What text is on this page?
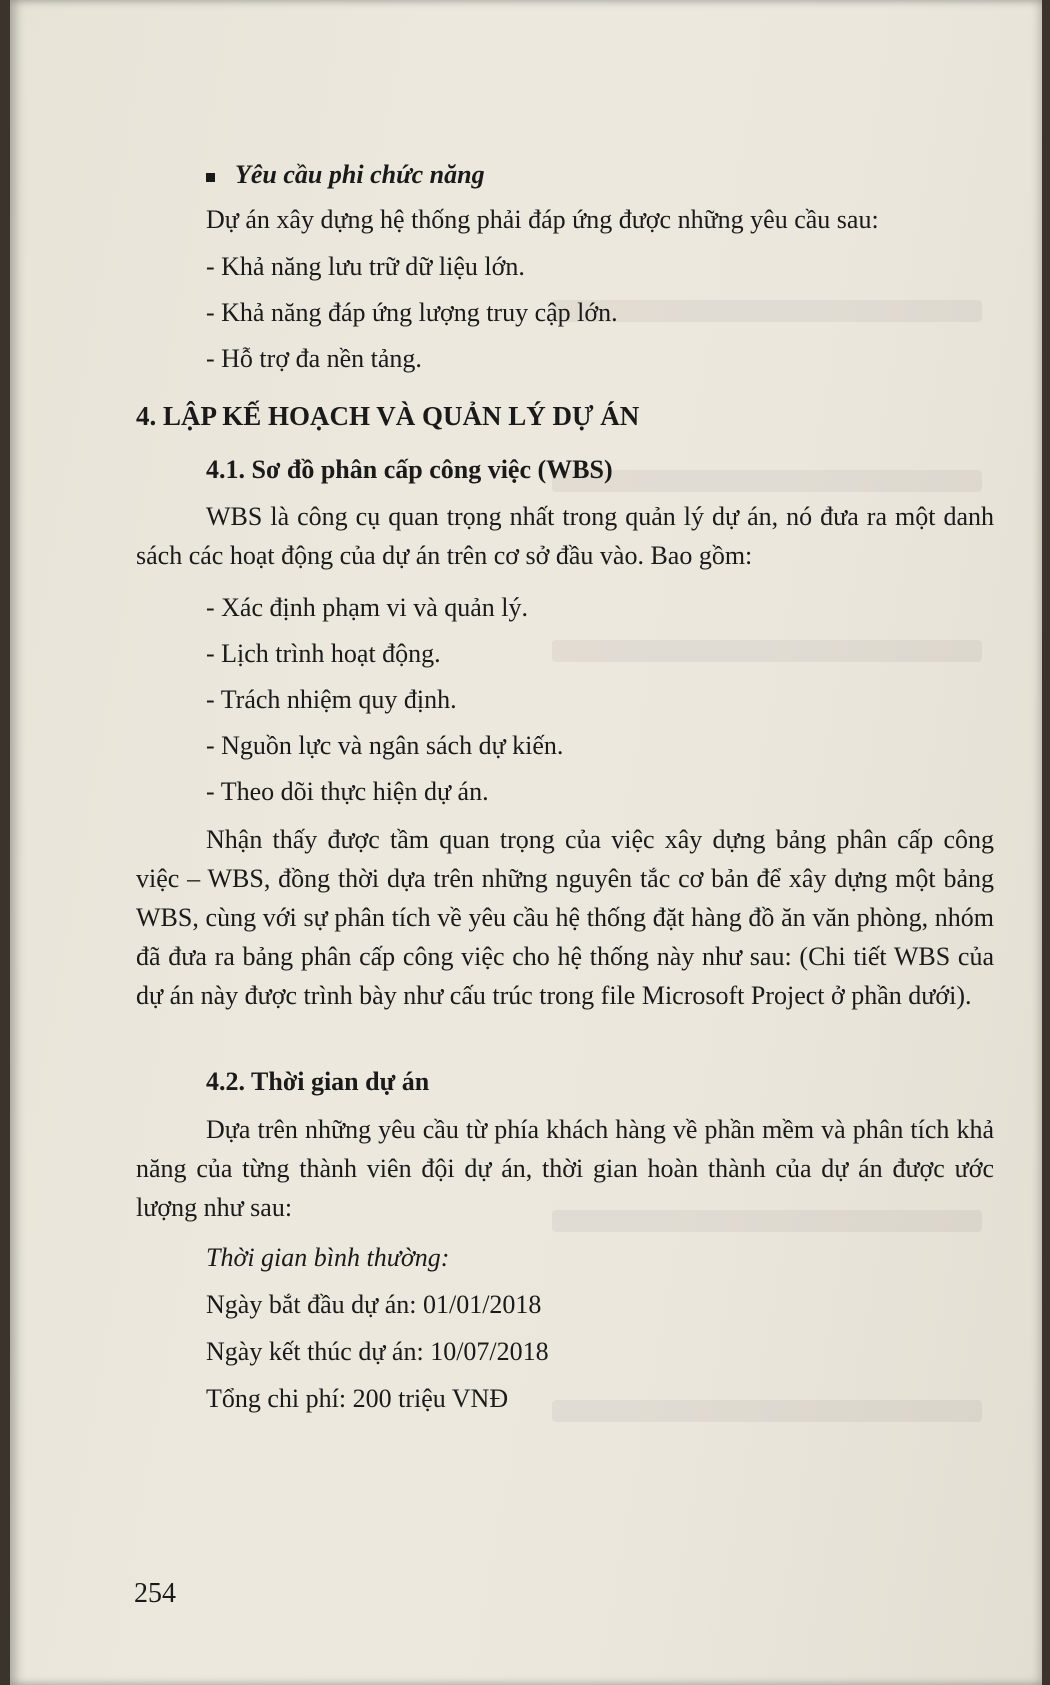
Yêu cầu phi chức năng
Dự án xây dựng hệ thống phải đáp ứng được những yêu cầu sau:
- Khả năng lưu trữ dữ liệu lớn.
- Khả năng đáp ứng lượng truy cập lớn.
- Hỗ trợ đa nền tảng.
4. LẬP KẾ HOẠCH VÀ QUẢN LÝ DỰ ÁN
4.1. Sơ đồ phân cấp công việc (WBS)

WBS là công cụ quan trọng nhất trong quản lý dự án, nó đưa ra một danh sách các hoạt động của dự án trên cơ sở đầu vào. Bao gồm:

- Xác định phạm vi và quản lý.
- Lịch trình hoạt động.
- Trách nhiệm quy định.
- Nguồn lực và ngân sách dự kiến.
- Theo dõi thực hiện dự án.

Nhận thấy được tầm quan trọng của việc xây dựng bảng phân cấp công việc – WBS, đồng thời dựa trên những nguyên tắc cơ bản để xây dựng một bảng WBS, cùng với sự phân tích về yêu cầu hệ thống đặt hàng đồ ăn văn phòng, nhóm đã đưa ra bảng phân cấp công việc cho hệ thống này như sau: (Chi tiết WBS của dự án này được trình bày như cấu trúc trong file Microsoft Project ở phần dưới).

4.2. Thời gian dự án

Dựa trên những yêu cầu từ phía khách hàng về phần mềm và phân tích khả năng của từng thành viên đội dự án, thời gian hoàn thành của dự án được ước lượng như sau:

Thời gian bình thường:
Ngày bắt đầu dự án: 01/01/2018
Ngày kết thúc dự án: 10/07/2018
Tổng chi phí: 200 triệu VNĐ
254
